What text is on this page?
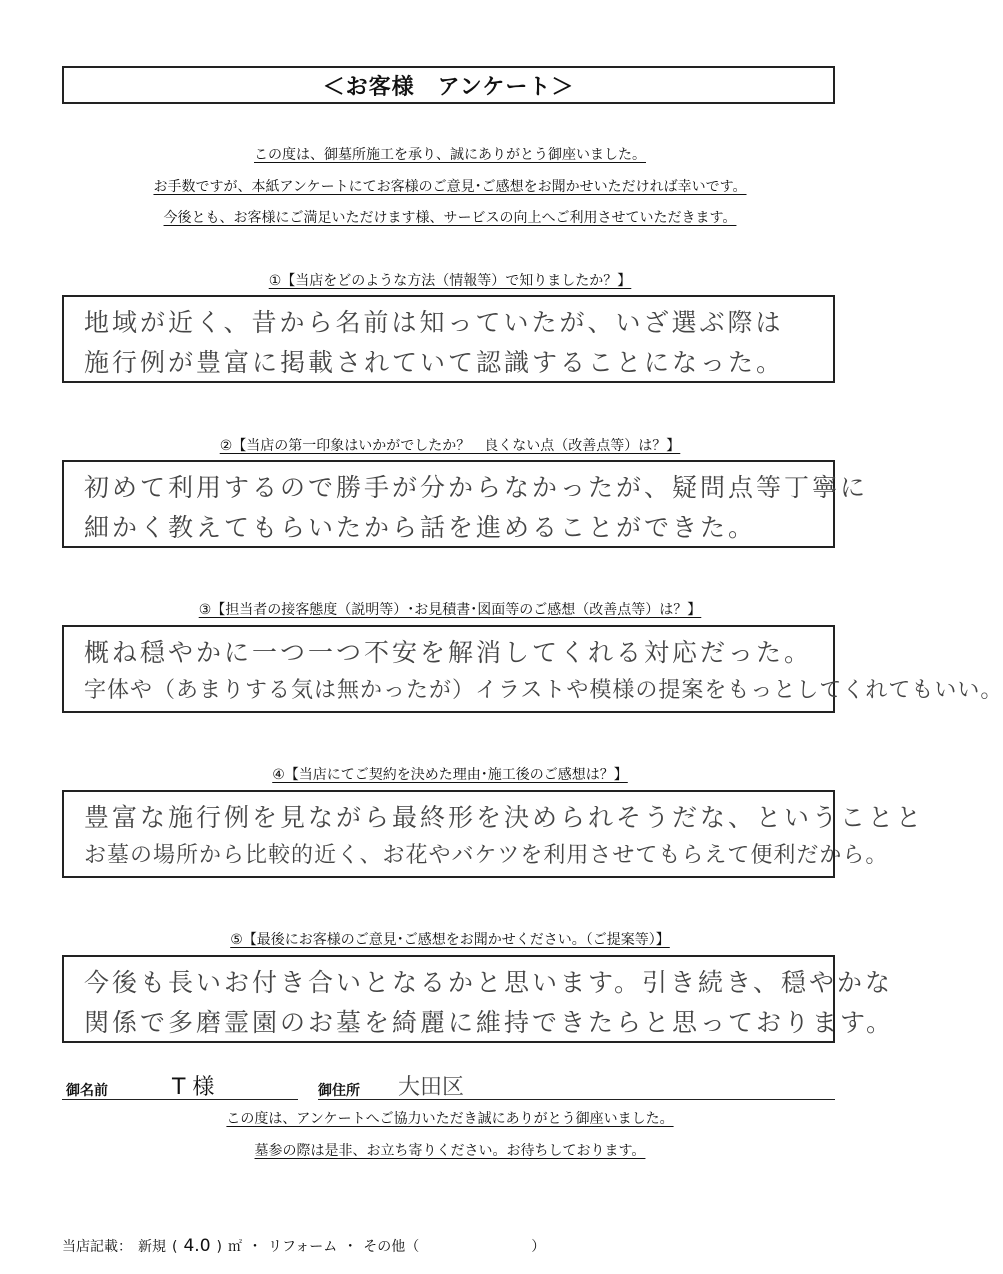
＜お客様　アンケート＞
この度は、御墓所施工を承り、誠にありがとう御座いました。
お手数ですが、本紙アンケートにてお客様のご意見･ご感想をお聞かせいただければ幸いです。
今後とも、お客様にご満足いただけます様、サービスの向上へご利用させていただきます。
①【当店をどのような方法（情報等）で知りましたか？】
地域が近く、昔から名前は知っていたが、いざ選ぶ際は
施行例が豊富に掲載されていて認識することになった。
②【当店の第一印象はいかがでしたか？　良くない点（改善点等）は？】
初めて利用するので勝手が分からなかったが、疑問点等丁寧に
細かく教えてもらいたから話を進めることができた。
③【担当者の接客態度（説明等）･お見積書･図面等のご感想（改善点等）は？】
概ね穏やかに一つ一つ不安を解消してくれる対応だった。
字体や（あまりする気は無かったが）イラストや模様の提案をもっとしてくれてもいい。
④【当店にてご契約を決めた理由･施工後のご感想は？】
豊富な施行例を見ながら最終形を決められそうだな、ということと
お墓の場所から比較的近く、お花やバケツを利用させてもらえて便利だから。
⑤【最後にお客様のご意見･ご感想をお聞かせください。（ご提案等）】
今後も長いお付き合いとなるかと思います。引き続き、穏やかな
関係で多磨霊園のお墓を綺麗に維持できたらと思っております。
御名前	T 様	御住所 大田区
この度は、アンケートへご協力いただき誠にありがとう御座いました。
墓参の際は是非、お立ち寄りください。お待ちしております。
当店記載： 新規 ( 4.0 ) ㎡ ・ リフォーム ・ その他（	）
